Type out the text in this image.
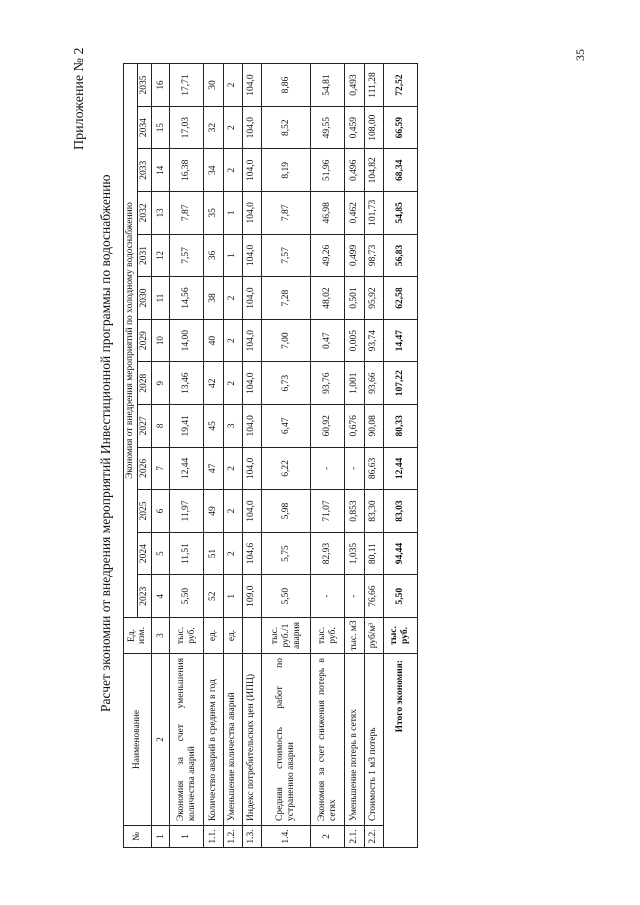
35
Приложение № 2
Расчет экономии от внедрения мероприятий Инвестиционной программы по водоснабжению
№	Наименование	Ед. изм.	Экономия от внедрения мероприятий по холодному водоснабжению												
			2023	2024	2025	2026	2027	2028	2029	2030	2031	2032	2033	2034	2035
1	2	3	4	5	6	7	8	9	10	11	12	13	14	15	16
1	Экономия за счет уменьшения количества аварий	тыс. руб.	5,50	11,51	11,97	12,44	19,41	13,46	14,00	14,56	7,57	7,87	16,38	17,03	17,71
1.1.	Количество аварий в среднем в год	ед.	52	51	49	47	45	42	40	38	36	35	34	32	30
1.2.	Уменьшение количества аварий	ед.	1	2	2	2	3	2	2	2	1	1	2	2	2
1.3.	Индекс потребительских цен (ИПЦ)		109,0	104,6	104,0	104,0	104,0	104,0	104,0	104,0	104,0	104,0	104,0	104,0	104,0
1.4.	Средняя стоимость работ по устранению аварии	тыс. руб./1 авария	5,50	5,75	5,98	6,22	6,47	6,73	7,00	7,28	7,57	7,87	8,19	8,52	8,86
2	Экономия за счет снижения потерь в сетях	тыс. руб.	-	82,93	71,07	-	60,92	93,76	0,47	48,02	49,26	46,98	51,96	49,55	54,81
2.1.	Уменьшение потерь в сетях	тыс. м3	-	1,035	0,853	-	0,676	1,001	0,005	0,501	0,499	0,462	0,496	0,459	0,493
2.2.	Стоимость 1 м3 потерь	руб/м³	76,66	80,11	83,30	86,63	90,08	93,66	93,74	95,92	98,73	101,73	104,82	108,00	111,28
Итого экономия:		тыс. руб.	5,50	94,44	83,03	12,44	80,33	107,22	14,47	62,58	56,83	54,85	68,34	66,59	72,52
